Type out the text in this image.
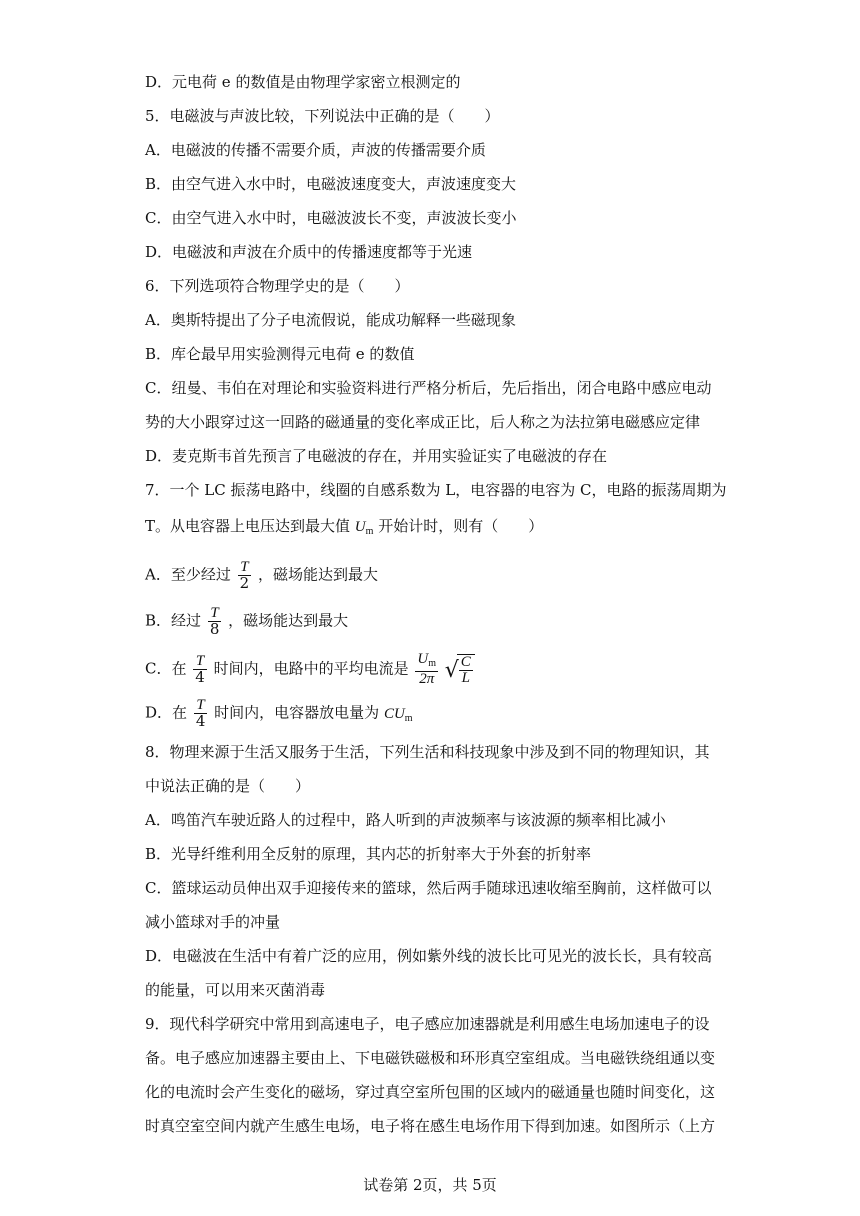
D．元电荷 e 的数值是由物理学家密立根测定的
5．电磁波与声波比较，下列说法中正确的是（　　）
A．电磁波的传播不需要介质，声波的传播需要介质
B．由空气进入水中时，电磁波速度变大，声波速度变大
C．由空气进入水中时，电磁波波长不变，声波波长变小
D．电磁波和声波在介质中的传播速度都等于光速
6．下列选项符合物理学史的是（　　）
A．奥斯特提出了分子电流假说，能成功解释一些磁现象
B．库仑最早用实验测得元电荷 e 的数值
C．纽曼、韦伯在对理论和实验资料进行严格分析后，先后指出，闭合电路中感应电动
势的大小跟穿过这一回路的磁通量的变化率成正比，后人称之为法拉第电磁感应定律
D．麦克斯韦首先预言了电磁波的存在，并用实验证实了电磁波的存在
7．一个 LC 振荡电路中，线圈的自感系数为 L，电容器的电容为 C，电路的振荡周期为
T。从电容器上电压达到最大值 $U_m$ 开始计时，则有（　　）
A．至少经过 $\frac{T}{2}$ ，磁场能达到最大
B．经过 $\frac{T}{8}$ ，磁场能达到最大
C．在 $\frac{T}{4}$ 时间内，电路中的平均电流是 $\frac{U_m}{2\pi}$
√ $\frac{C}{L}$
D．在 $\frac{T}{4}$ 时间内，电容器放电量为 $CU_m$
8．物理来源于生活又服务于生活，下列生活和科技现象中涉及到不同的物理知识，其
中说法正确的是（　　）
A．鸣笛汽车驶近路人的过程中，路人听到的声波频率与该波源的频率相比减小
B．光导纤维利用全反射的原理，其内芯的折射率大于外套的折射率
C．篮球运动员伸出双手迎接传来的篮球，然后两手随球迅速收缩至胸前，这样做可以
减小篮球对手的冲量
D．电磁波在生活中有着广泛的应用，例如紫外线的波长比可见光的波长长，具有较高
的能量，可以用来灭菌消毒
9．现代科学研究中常用到高速电子，电子感应加速器就是利用感生电场加速电子的设
备。电子感应加速器主要由上、下电磁铁磁极和环形真空室组成。当电磁铁绕组通以变
化的电流时会产生变化的磁场，穿过真空室所包围的区域内的磁通量也随时间变化，这
时真空室空间内就产生感生电场，电子将在感生电场作用下得到加速。如图所示（上方
试卷第 2页，共 5页
